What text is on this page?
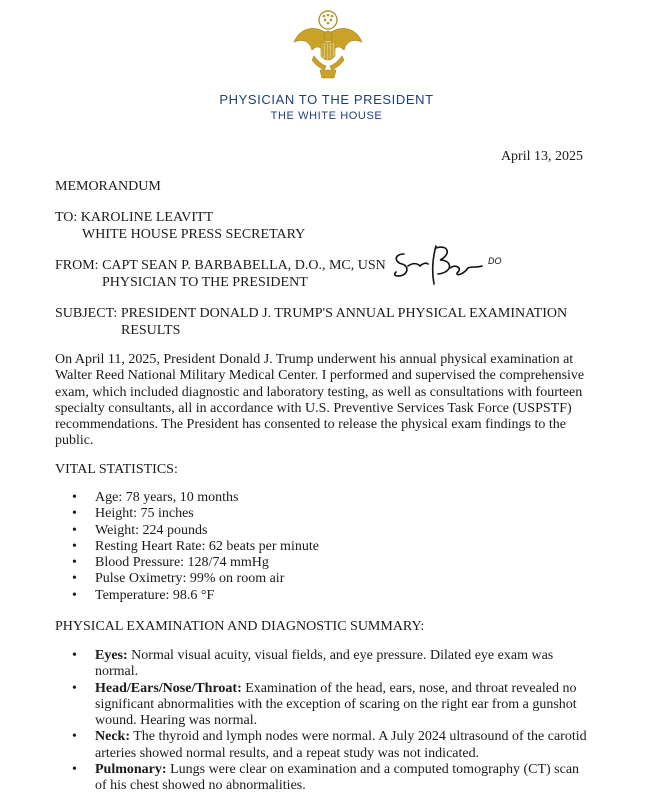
PHYSICIAN TO THE PRESIDENT
THE WHITE HOUSE
April 13, 2025
MEMORANDUM
TO: KAROLINE LEAVITT
WHITE HOUSE PRESS SECRETARY
FROM: CAPT SEAN P. BARBABELLA, D.O., MC, USN
PHYSICIAN TO THE PRESIDENT
DO
SUBJECT: PRESIDENT DONALD J. TRUMP'S ANNUAL PHYSICAL EXAMINATION
RESULTS
On April 11, 2025, President Donald J. Trump underwent his annual physical examination at Walter Reed National Military Medical Center. I performed and supervised the comprehensive exam, which included diagnostic and laboratory testing, as well as consultations with fourteen specialty consultants, all in accordance with U.S. Preventive Services Task Force (USPSTF) recommendations. The President has consented to release the physical exam findings to the public.
VITAL STATISTICS:
• Age: 78 years, 10 months
• Height: 75 inches
• Weight: 224 pounds
• Resting Heart Rate: 62 beats per minute
• Blood Pressure: 128/74 mmHg
• Pulse Oximetry: 99% on room air
• Temperature: 98.6 °F
PHYSICAL EXAMINATION AND DIAGNOSTIC SUMMARY:
• Eyes: Normal visual acuity, visual fields, and eye pressure. Dilated eye exam was normal.
• Head/Ears/Nose/Throat: Examination of the head, ears, nose, and throat revealed no significant abnormalities with the exception of scaring on the right ear from a gunshot wound. Hearing was normal.
• Neck: The thyroid and lymph nodes were normal. A July 2024 ultrasound of the carotid arteries showed normal results, and a repeat study was not indicated.
• Pulmonary: Lungs were clear on examination and a computed tomography (CT) scan of his chest showed no abnormalities.
